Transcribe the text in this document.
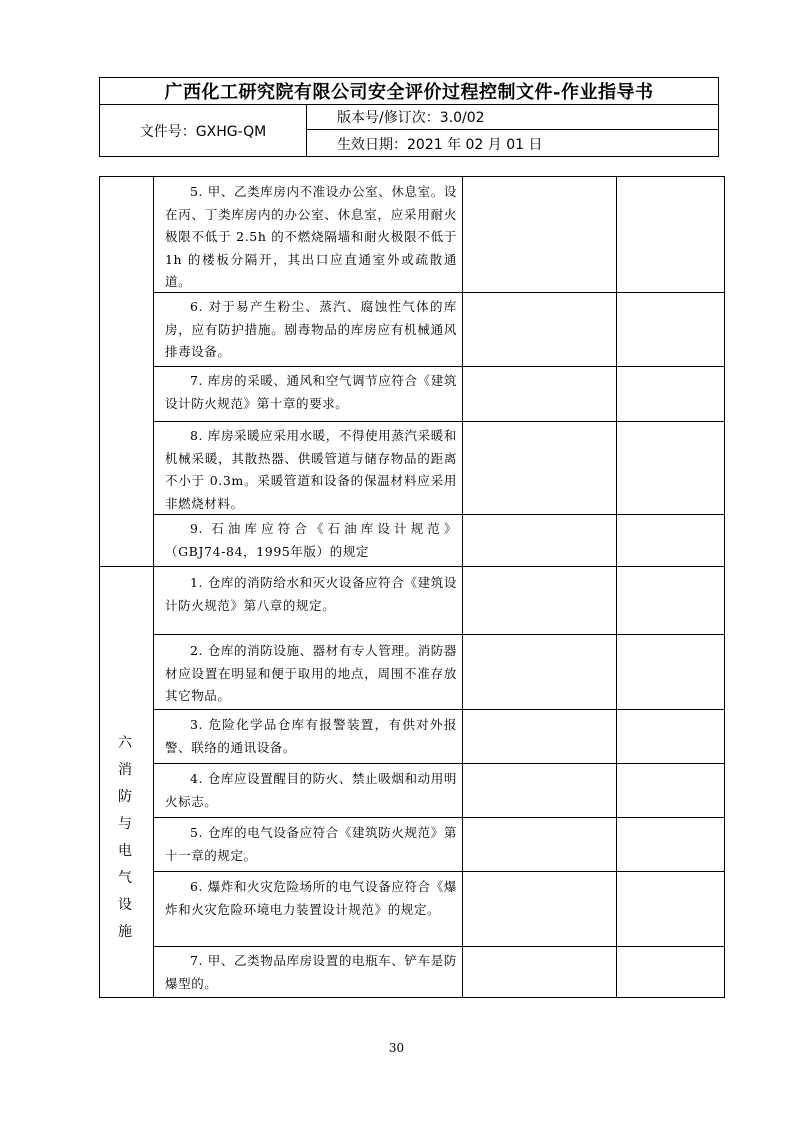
广西化工研究院有限公司安全评价过程控制文件-作业指导书
文件号：GXHG-QM
版本号/修订次：3.0/02
生效日期：2021 年 02 月 01 日
5. 甲、乙类库房内不准设办公室、休息室。设在丙、丁类库房内的办公室、休息室，应采用耐火极限不低于 2.5h 的不燃烧隔墙和耐火极限不低于 1h 的楼板分隔开，其出口应直通室外或疏散通道。
6. 对于易产生粉尘、蒸汽、腐蚀性气体的库房，应有防护措施。剧毒物品的库房应有机械通风排毒设备。
7. 库房的采暖、通风和空气调节应符合《建筑设计防火规范》第十章的要求。
8. 库房采暖应采用水暖，不得使用蒸汽采暖和机械采暖，其散热器、供暖管道与储存物品的距离不小于 0.3m。采暖管道和设备的保温材料应采用非燃烧材料。
9. 石油库应符合《石油库设计规范》（GBJ74-84，1995年版）的规定
1. 仓库的消防给水和灭火设备应符合《建筑设计防火规范》第八章的规定。
2. 仓库的消防设施、器材有专人管理。消防器材应设置在明显和便于取用的地点，周围不准存放其它物品。
3. 危险化学品仓库有报警装置，有供对外报警、联络的通讯设备。
4. 仓库应设置醒目的防火、禁止吸烟和动用明火标志。
5. 仓库的电气设备应符合《建筑防火规范》第十一章的规定。
6. 爆炸和火灾危险场所的电气设备应符合《爆炸和火灾危险环境电力装置设计规范》的规定。
7. 甲、乙类物品库房设置的电瓶车、铲车是防爆型的。
六
消
防
与
电
气
设
施
30
